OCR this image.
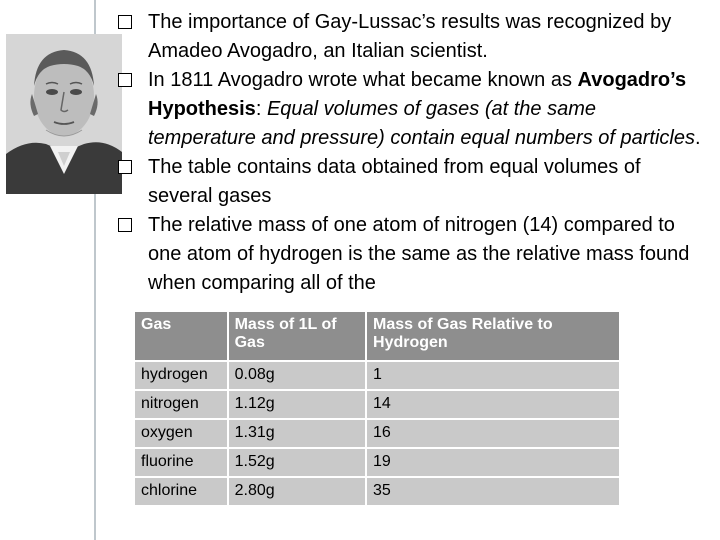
The importance of Gay-Lussac’s results was recognized by Amadeo Avogadro, an Italian scientist.

In 1811 Avogadro wrote what became known as Avogadro’s Hypothesis: Equal volumes of gases (at the same temperature and pressure) contain equal numbers of particles.

The table contains data obtained from equal volumes of several gases

The relative mass of one atom of nitrogen (14) compared to one atom of hydrogen is the same as the relative mass found when comparing all of the

Gas	Mass of 1L of Gas	Mass of Gas Relative to Hydrogen
hydrogen	0.08g	1
nitrogen	1.12g	14
oxygen	1.31g	16
fluorine	1.52g	19
chlorine	2.80g	35
